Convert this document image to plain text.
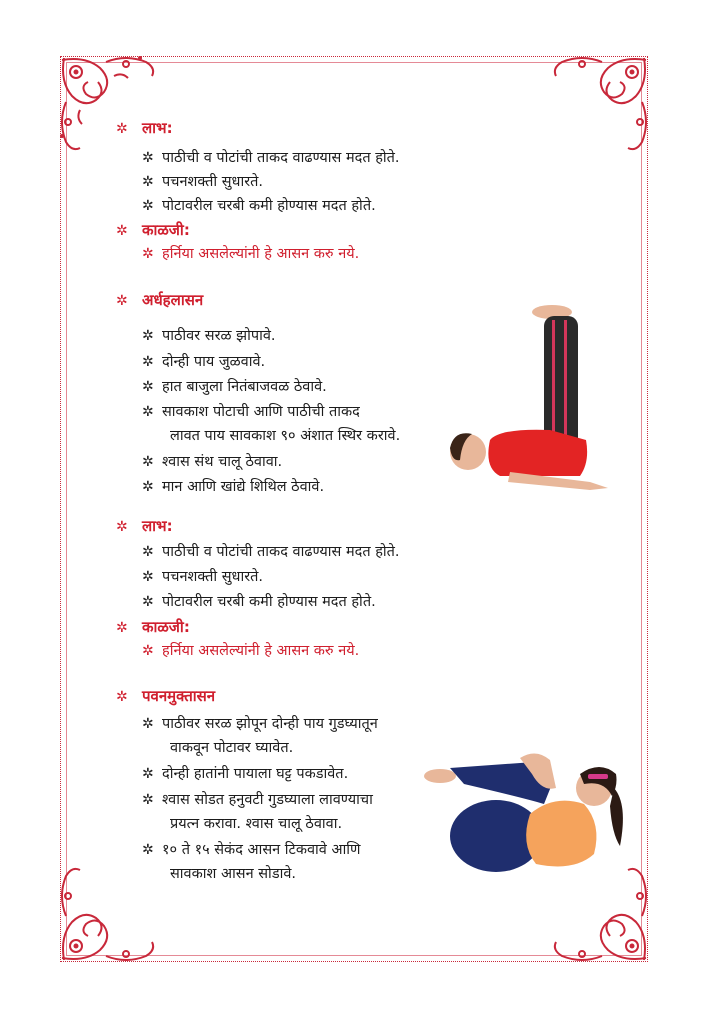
✲ लाभ:
✲ पाठीची व पोटांची ताकद वाढण्यास मदत होते.
✲ पचनशक्ती सुधारते.
✲ पोटावरील चरबी कमी होण्यास मदत होते.
✲ काळजी:
✲ हर्निया असलेल्यांनी हे आसन करु नये.
✲ अर्धहलासन
✲ पाठीवर सरळ झोपावे.
✲ दोन्ही पाय जुळवावे.
✲ हात बाजुला नितंबाजवळ ठेवावे.
✲ सावकाश पोटाची आणि पाठीची ताकद
लावत पाय सावकाश ९० अंशात स्थिर करावे.
✲ श्वास संथ चालू ठेवावा.
✲ मान आणि खांद्ये शिथिल ठेवावे.
✲ लाभ:
✲ पाठीची व पोटांची ताकद वाढण्यास मदत होते.
✲ पचनशक्ती सुधारते.
✲ पोटावरील चरबी कमी होण्यास मदत होते.
✲ काळजी:
✲ हर्निया असलेल्यांनी हे आसन करु नये.
✲ पवनमुक्तासन
✲ पाठीवर सरळ झोपून दोन्ही पाय गुडघ्यातून
वाकवून पोटावर घ्यावेत.
✲ दोन्ही हातांनी पायाला घट्ट पकडावेत.
✲ श्वास सोडत हनुवटी गुडघ्याला लावण्याचा
प्रयत्न करावा. श्वास चालू ठेवावा.
✲ १० ते १५ सेकंद आसन टिकवावे आणि
सावकाश आसन सोडावे.
